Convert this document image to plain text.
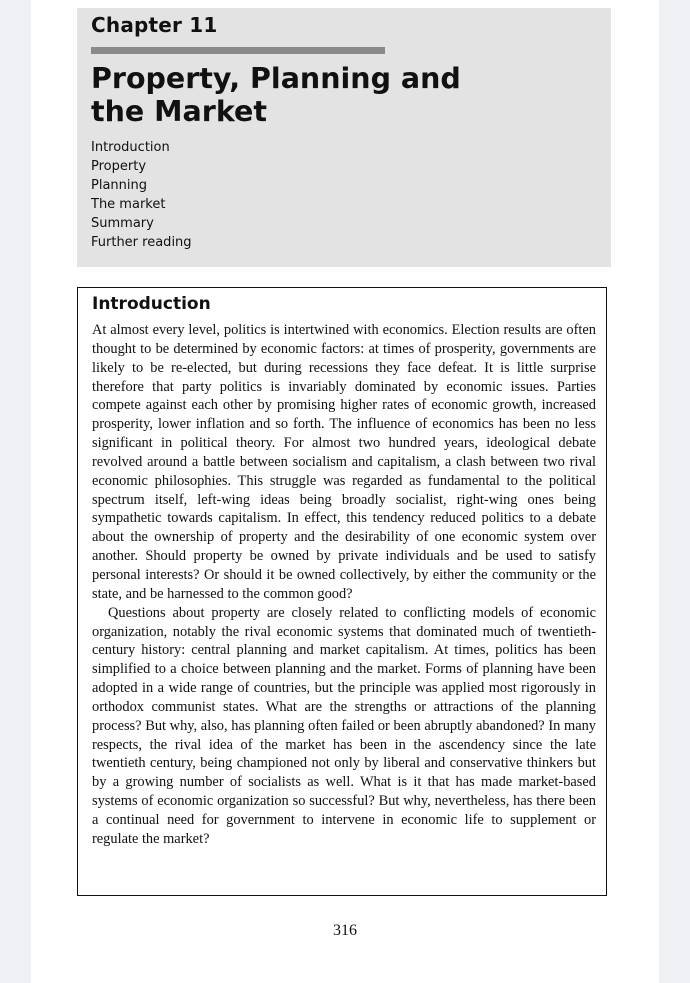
Chapter 11
Property, Planning and the Market
Introduction
Property
Planning
The market
Summary
Further reading
Introduction

At almost every level, politics is intertwined with economics. Election results are often thought to be determined by economic factors: at times of prosperity, governments are likely to be re-elected, but during recessions they face defeat. It is little surprise therefore that party politics is invariably dominated by economic issues. Parties compete against each other by promising higher rates of economic growth, increased prosperity, lower inflation and so forth. The influence of economics has been no less significant in political theory. For almost two hundred years, ideological debate revolved around a battle between socialism and capitalism, a clash between two rival economic philosophies. This struggle was regarded as fundamental to the political spectrum itself, left-wing ideas being broadly socialist, right-wing ones being sympathetic towards capitalism. In effect, this tendency reduced politics to a debate about the ownership of property and the desirability of one economic system over another. Should property be owned by private individuals and be used to satisfy personal interests? Or should it be owned collectively, by either the community or the state, and be harnessed to the common good?

Questions about property are closely related to conflicting models of economic organization, notably the rival economic systems that dominated much of twentieth-century history: central planning and market capitalism. At times, politics has been simplified to a choice between planning and the market. Forms of planning have been adopted in a wide range of countries, but the principle was applied most rigorously in orthodox communist states. What are the strengths or attractions of the planning process? But why, also, has planning often failed or been abruptly abandoned? In many respects, the rival idea of the market has been in the ascendency since the late twentieth century, being championed not only by liberal and conservative thinkers but by a growing number of socialists as well. What is it that has made market-based systems of economic organization so successful? But why, nevertheless, has there been a continual need for government to intervene in economic life to supplement or regulate the market?

316
